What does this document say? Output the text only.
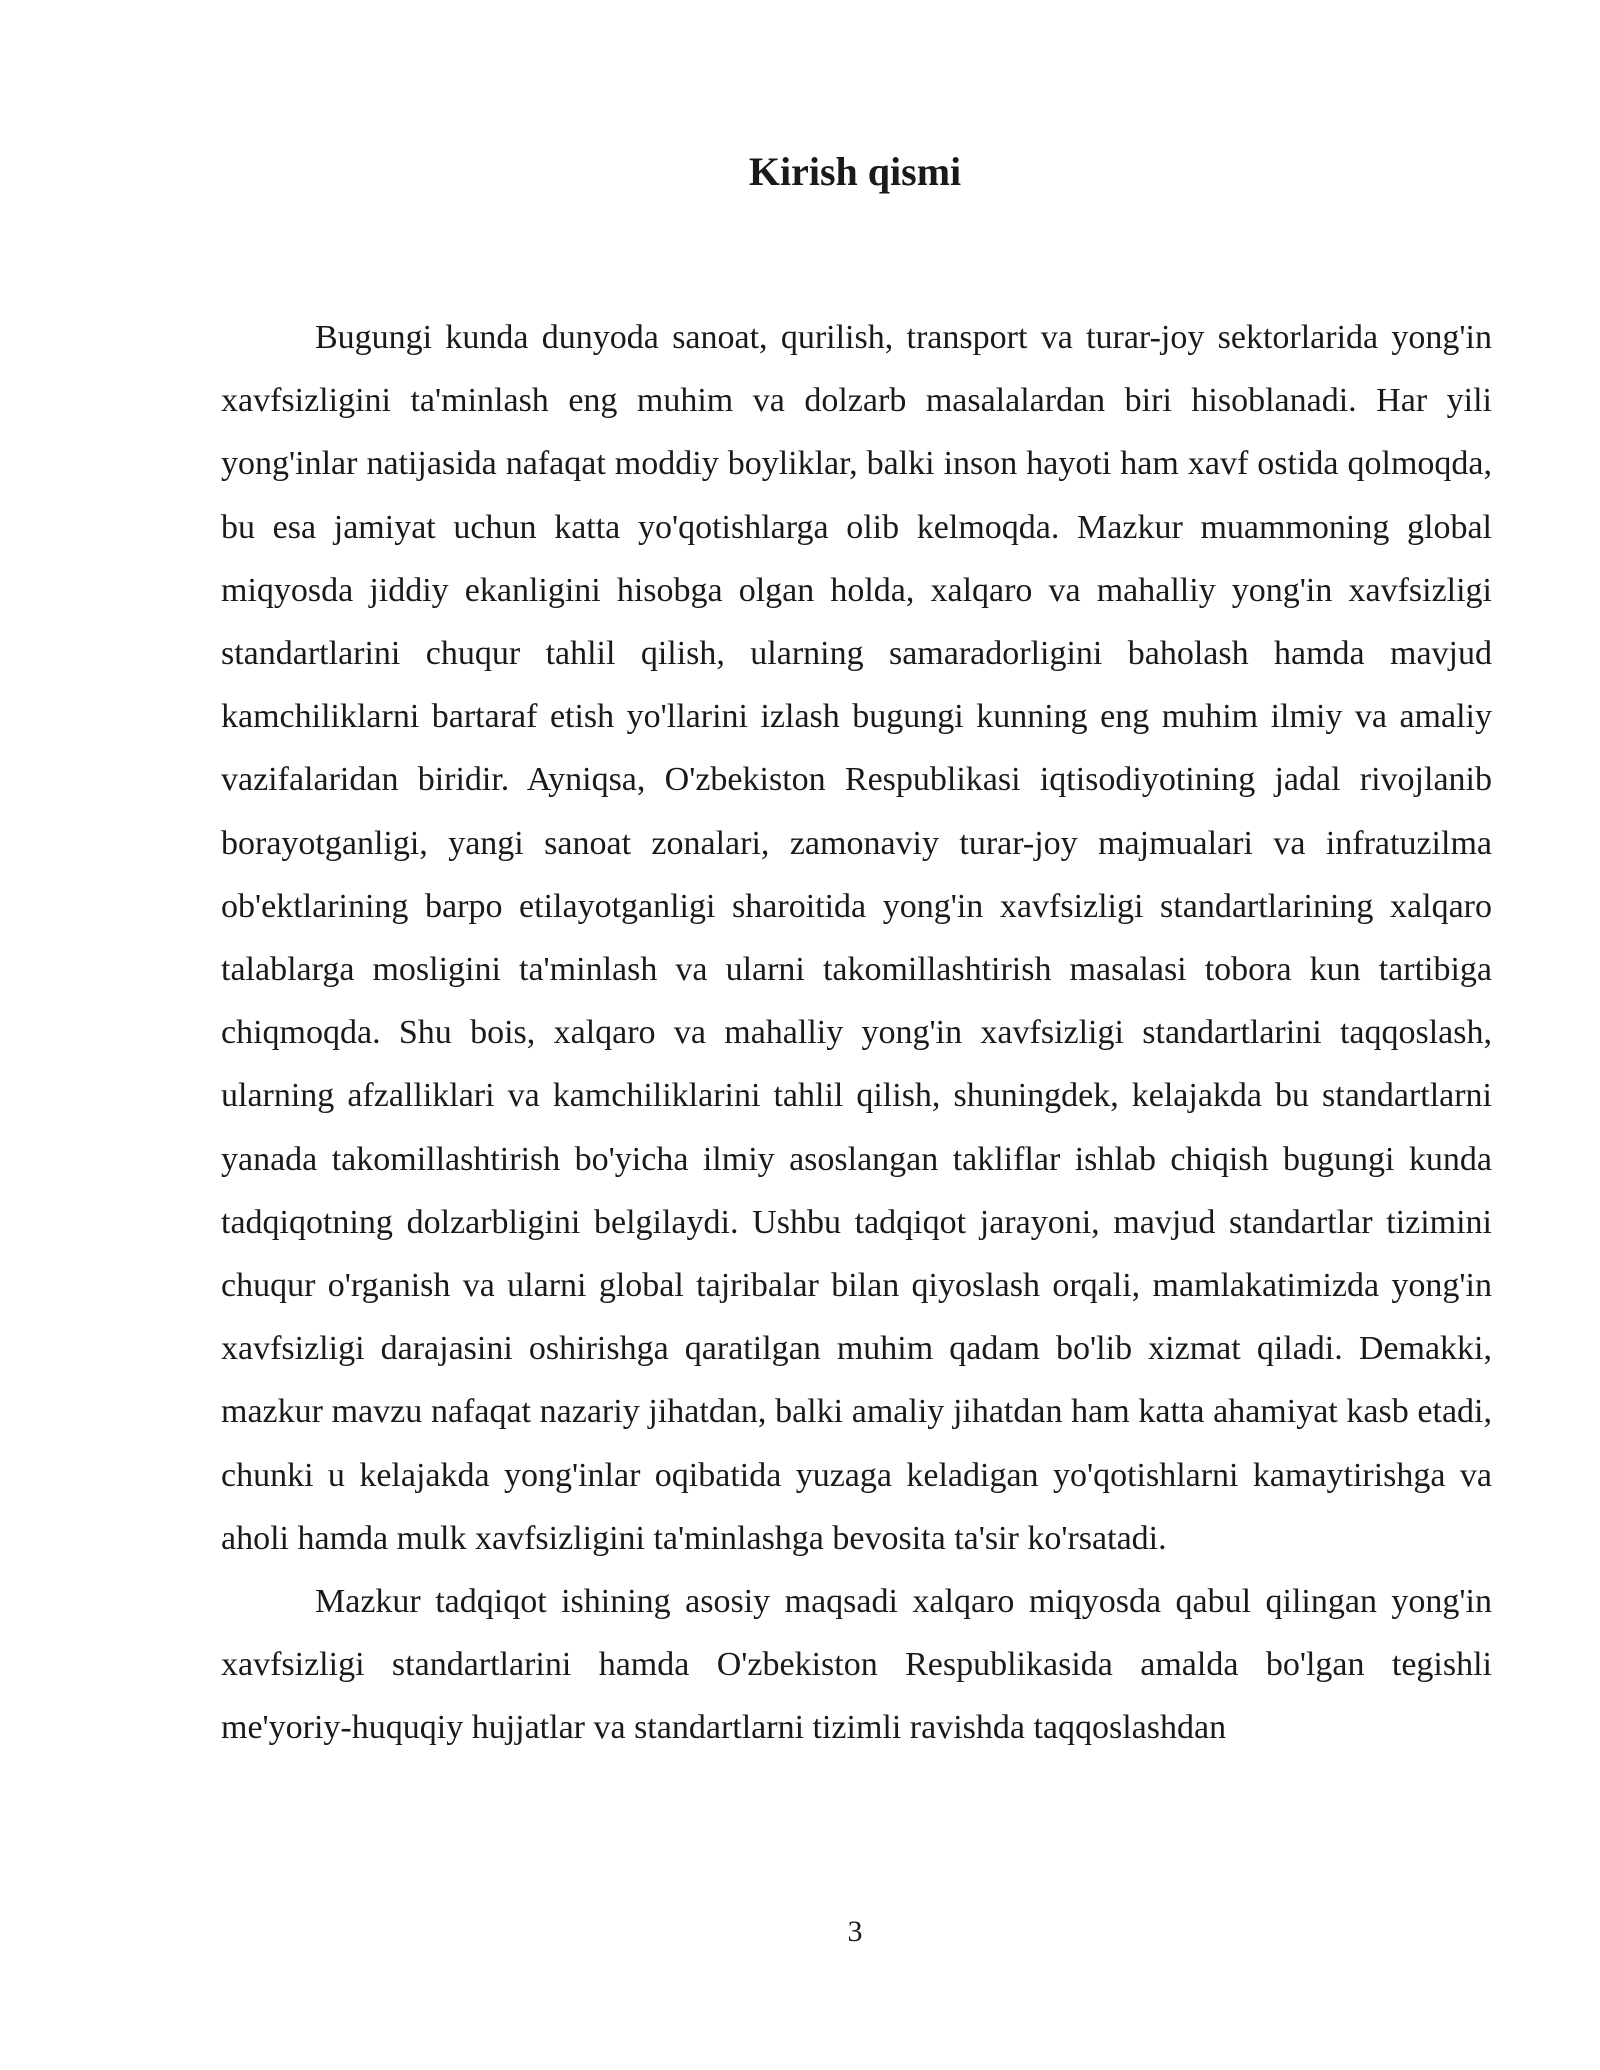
Kirish qismi

Bugungi kunda dunyoda sanoat, qurilish, transport va turar-joy sektorlarida yong'in xavfsizligini ta'minlash eng muhim va dolzarb masalalardan biri hisoblanadi. Har yili yong'inlar natijasida nafaqat moddiy boyliklar, balki inson hayoti ham xavf ostida qolmoqda, bu esa jamiyat uchun katta yo'qotishlarga olib kelmoqda. Mazkur muammoning global miqyosda jiddiy ekanligini hisobga olgan holda, xalqaro va mahalliy yong'in xavfsizligi standartlarini chuqur tahlil qilish, ularning samaradorligini baholash hamda mavjud kamchiliklarni bartaraf etish yo'llarini izlash bugungi kunning eng muhim ilmiy va amaliy vazifalaridan biridir. Ayniqsa, O'zbekiston Respublikasi iqtisodiyotining jadal rivojlanib borayotganligi, yangi sanoat zonalari, zamonaviy turar-joy majmualari va infratuzilma ob'ektlarining barpo etilayotganligi sharoitida yong'in xavfsizligi standartlarining xalqaro talablarga mosligini ta'minlash va ularni takomillashtirish masalasi tobora kun tartibiga chiqmoqda. Shu bois, xalqaro va mahalliy yong'in xavfsizligi standartlarini taqqoslash, ularning afzalliklari va kamchiliklarini tahlil qilish, shuningdek, kelajakda bu standartlarni yanada takomillashtirish bo'yicha ilmiy asoslangan takliflar ishlab chiqish bugungi kunda tadqiqotning dolzarbligini belgilaydi. Ushbu tadqiqot jarayoni, mavjud standartlar tizimini chuqur o'rganish va ularni global tajribalar bilan qiyoslash orqali, mamlakatimizda yong'in xavfsizligi darajasini oshirishga qaratilgan muhim qadam bo'lib xizmat qiladi. Demakki, mazkur mavzu nafaqat nazariy jihatdan, balki amaliy jihatdan ham katta ahamiyat kasb etadi, chunki u kelajakda yong'inlar oqibatida yuzaga keladigan yo'qotishlarni kamaytirishga va aholi hamda mulk xavfsizligini ta'minlashga bevosita ta'sir ko'rsatadi.

Mazkur tadqiqot ishining asosiy maqsadi xalqaro miqyosda qabul qilingan yong'in xavfsizligi standartlarini hamda O'zbekiston Respublikasida amalda bo'lgan tegishli me'yoriy-huquqiy hujjatlar va standartlarni tizimli ravishda taqqoslashdan

3
